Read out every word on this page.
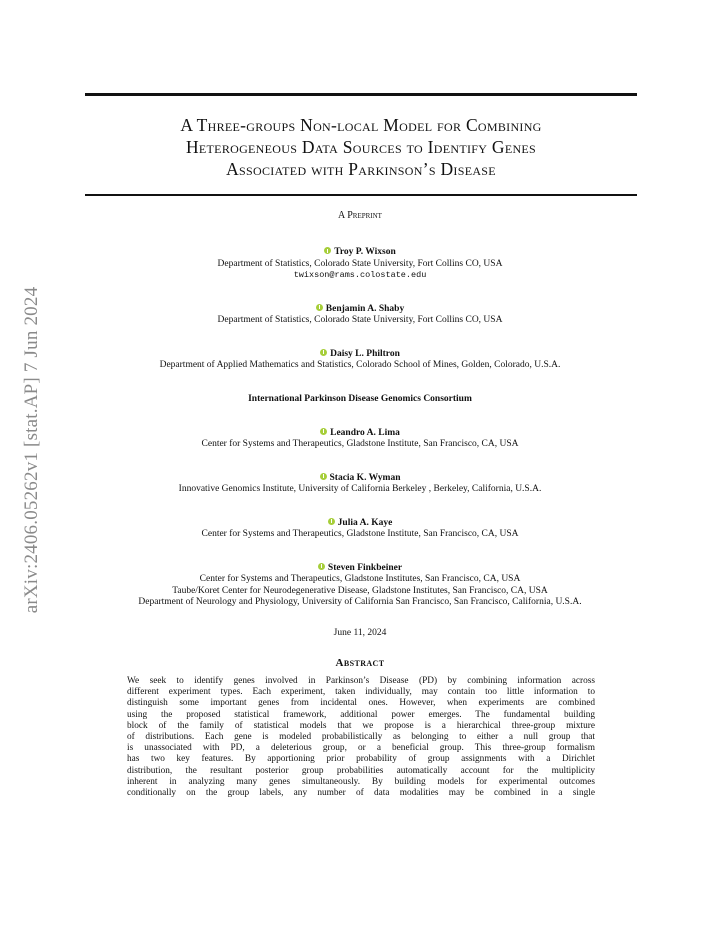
arXiv:2406.05262v1 [stat.AP] 7 Jun 2024
A Three-groups Non-local Model for Combining
Heterogeneous Data Sources to Identify Genes
Associated with Parkinson’s Disease
A Preprint
Troy P. Wixson
Department of Statistics, Colorado State University, Fort Collins CO, USA
twixson@rams.colostate.edu
Benjamin A. Shaby
Department of Statistics, Colorado State University, Fort Collins CO, USA
Daisy L. Philtron
Department of Applied Mathematics and Statistics, Colorado School of Mines, Golden, Colorado, U.S.A.
International Parkinson Disease Genomics Consortium
Leandro A. Lima
Center for Systems and Therapeutics, Gladstone Institute, San Francisco, CA, USA
Stacia K. Wyman
Innovative Genomics Institute, University of California Berkeley , Berkeley, California, U.S.A.
Julia A. Kaye
Center for Systems and Therapeutics, Gladstone Institute, San Francisco, CA, USA
Steven Finkbeiner
Center for Systems and Therapeutics, Gladstone Institutes, San Francisco, CA, USA
Taube/Koret Center for Neurodegenerative Disease, Gladstone Institutes, San Francisco, CA, USA
Department of Neurology and Physiology, University of California San Francisco, San Francisco, California, U.S.A.
June 11, 2024
Abstract
We seek to identify genes involved in Parkinson’s Disease (PD) by combining information across
different experiment types. Each experiment, taken individually, may contain too little information to
distinguish some important genes from incidental ones. However, when experiments are combined
using the proposed statistical framework, additional power emerges. The fundamental building
block of the family of statistical models that we propose is a hierarchical three-group mixture
of distributions. Each gene is modeled probabilistically as belonging to either a null group that
is unassociated with PD, a deleterious group, or a beneficial group. This three-group formalism
has two key features. By apportioning prior probability of group assignments with a Dirichlet
distribution, the resultant posterior group probabilities automatically account for the multiplicity
inherent in analyzing many genes simultaneously. By building models for experimental outcomes
conditionally on the group labels, any number of data modalities may be combined in a single
